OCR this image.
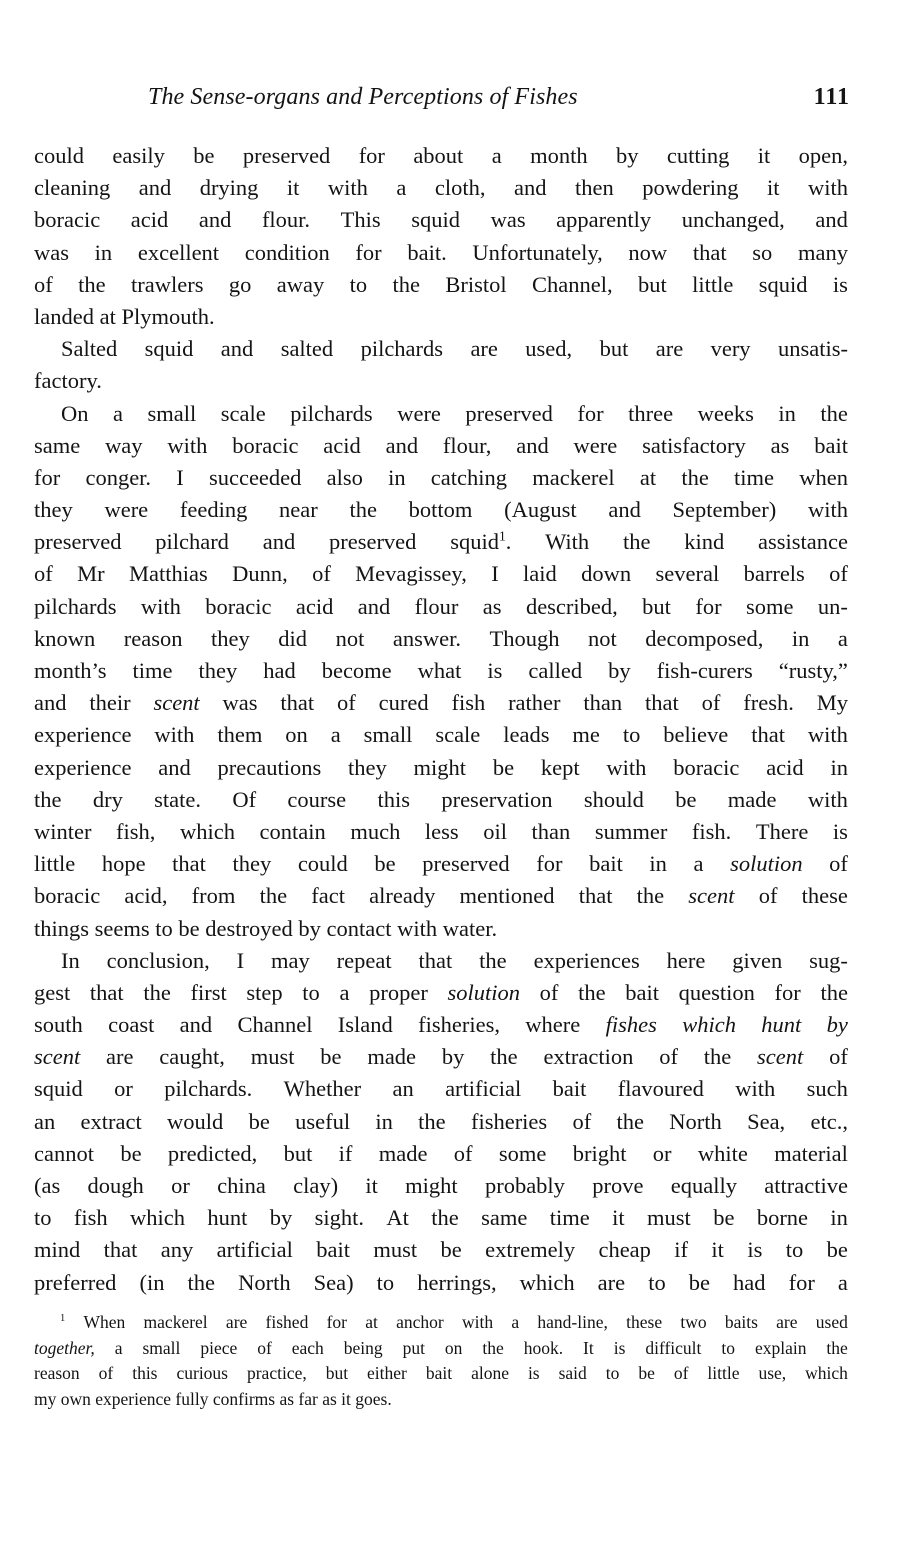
The Sense-organs and Perceptions of Fishes	111
could easily be preserved for about a month by cutting it open,
cleaning and drying it with a cloth, and then powdering it with
boracic acid and flour. This squid was apparently unchanged, and
was in excellent condition for bait. Unfortunately, now that so many
of the trawlers go away to the Bristol Channel, but little squid is
landed at Plymouth.
Salted squid and salted pilchards are used, but are very unsatis-
factory.
On a small scale pilchards were preserved for three weeks in the
same way with boracic acid and flour, and were satisfactory as bait
for conger. I succeeded also in catching mackerel at the time when
they were feeding near the bottom (August and September) with
preserved pilchard and preserved squid$^1$. With the kind assistance
of Mr Matthias Dunn, of Mevagissey, I laid down several barrels of
pilchards with boracic acid and flour as described, but for some un-
known reason they did not answer. Though not decomposed, in a
month’s time they had become what is called by fish-curers “rusty,”
and their scent was that of cured fish rather than that of fresh. My
experience with them on a small scale leads me to believe that with
experience and precautions they might be kept with boracic acid in
the dry state. Of course this preservation should be made with
winter fish, which contain much less oil than summer fish. There is
little hope that they could be preserved for bait in a solution of
boracic acid, from the fact already mentioned that the scent of these
things seems to be destroyed by contact with water.
In conclusion, I may repeat that the experiences here given sug-
gest that the first step to a proper solution of the bait question for the
south coast and Channel Island fisheries, where fishes which hunt by
scent are caught, must be made by the extraction of the scent of
squid or pilchards. Whether an artificial bait flavoured with such
an extract would be useful in the fisheries of the North Sea, etc.,
cannot be predicted, but if made of some bright or white material
(as dough or china clay) it might probably prove equally attractive
to fish which hunt by sight. At the same time it must be borne in
mind that any artificial bait must be extremely cheap if it is to be
preferred (in the North Sea) to herrings, which are to be had for a
$^1$ When mackerel are fished for at anchor with a hand-line, these two baits are used
together, a small piece of each being put on the hook. It is difficult to explain the
reason of this curious practice, but either bait alone is said to be of little use, which
my own experience fully confirms as far as it goes.
